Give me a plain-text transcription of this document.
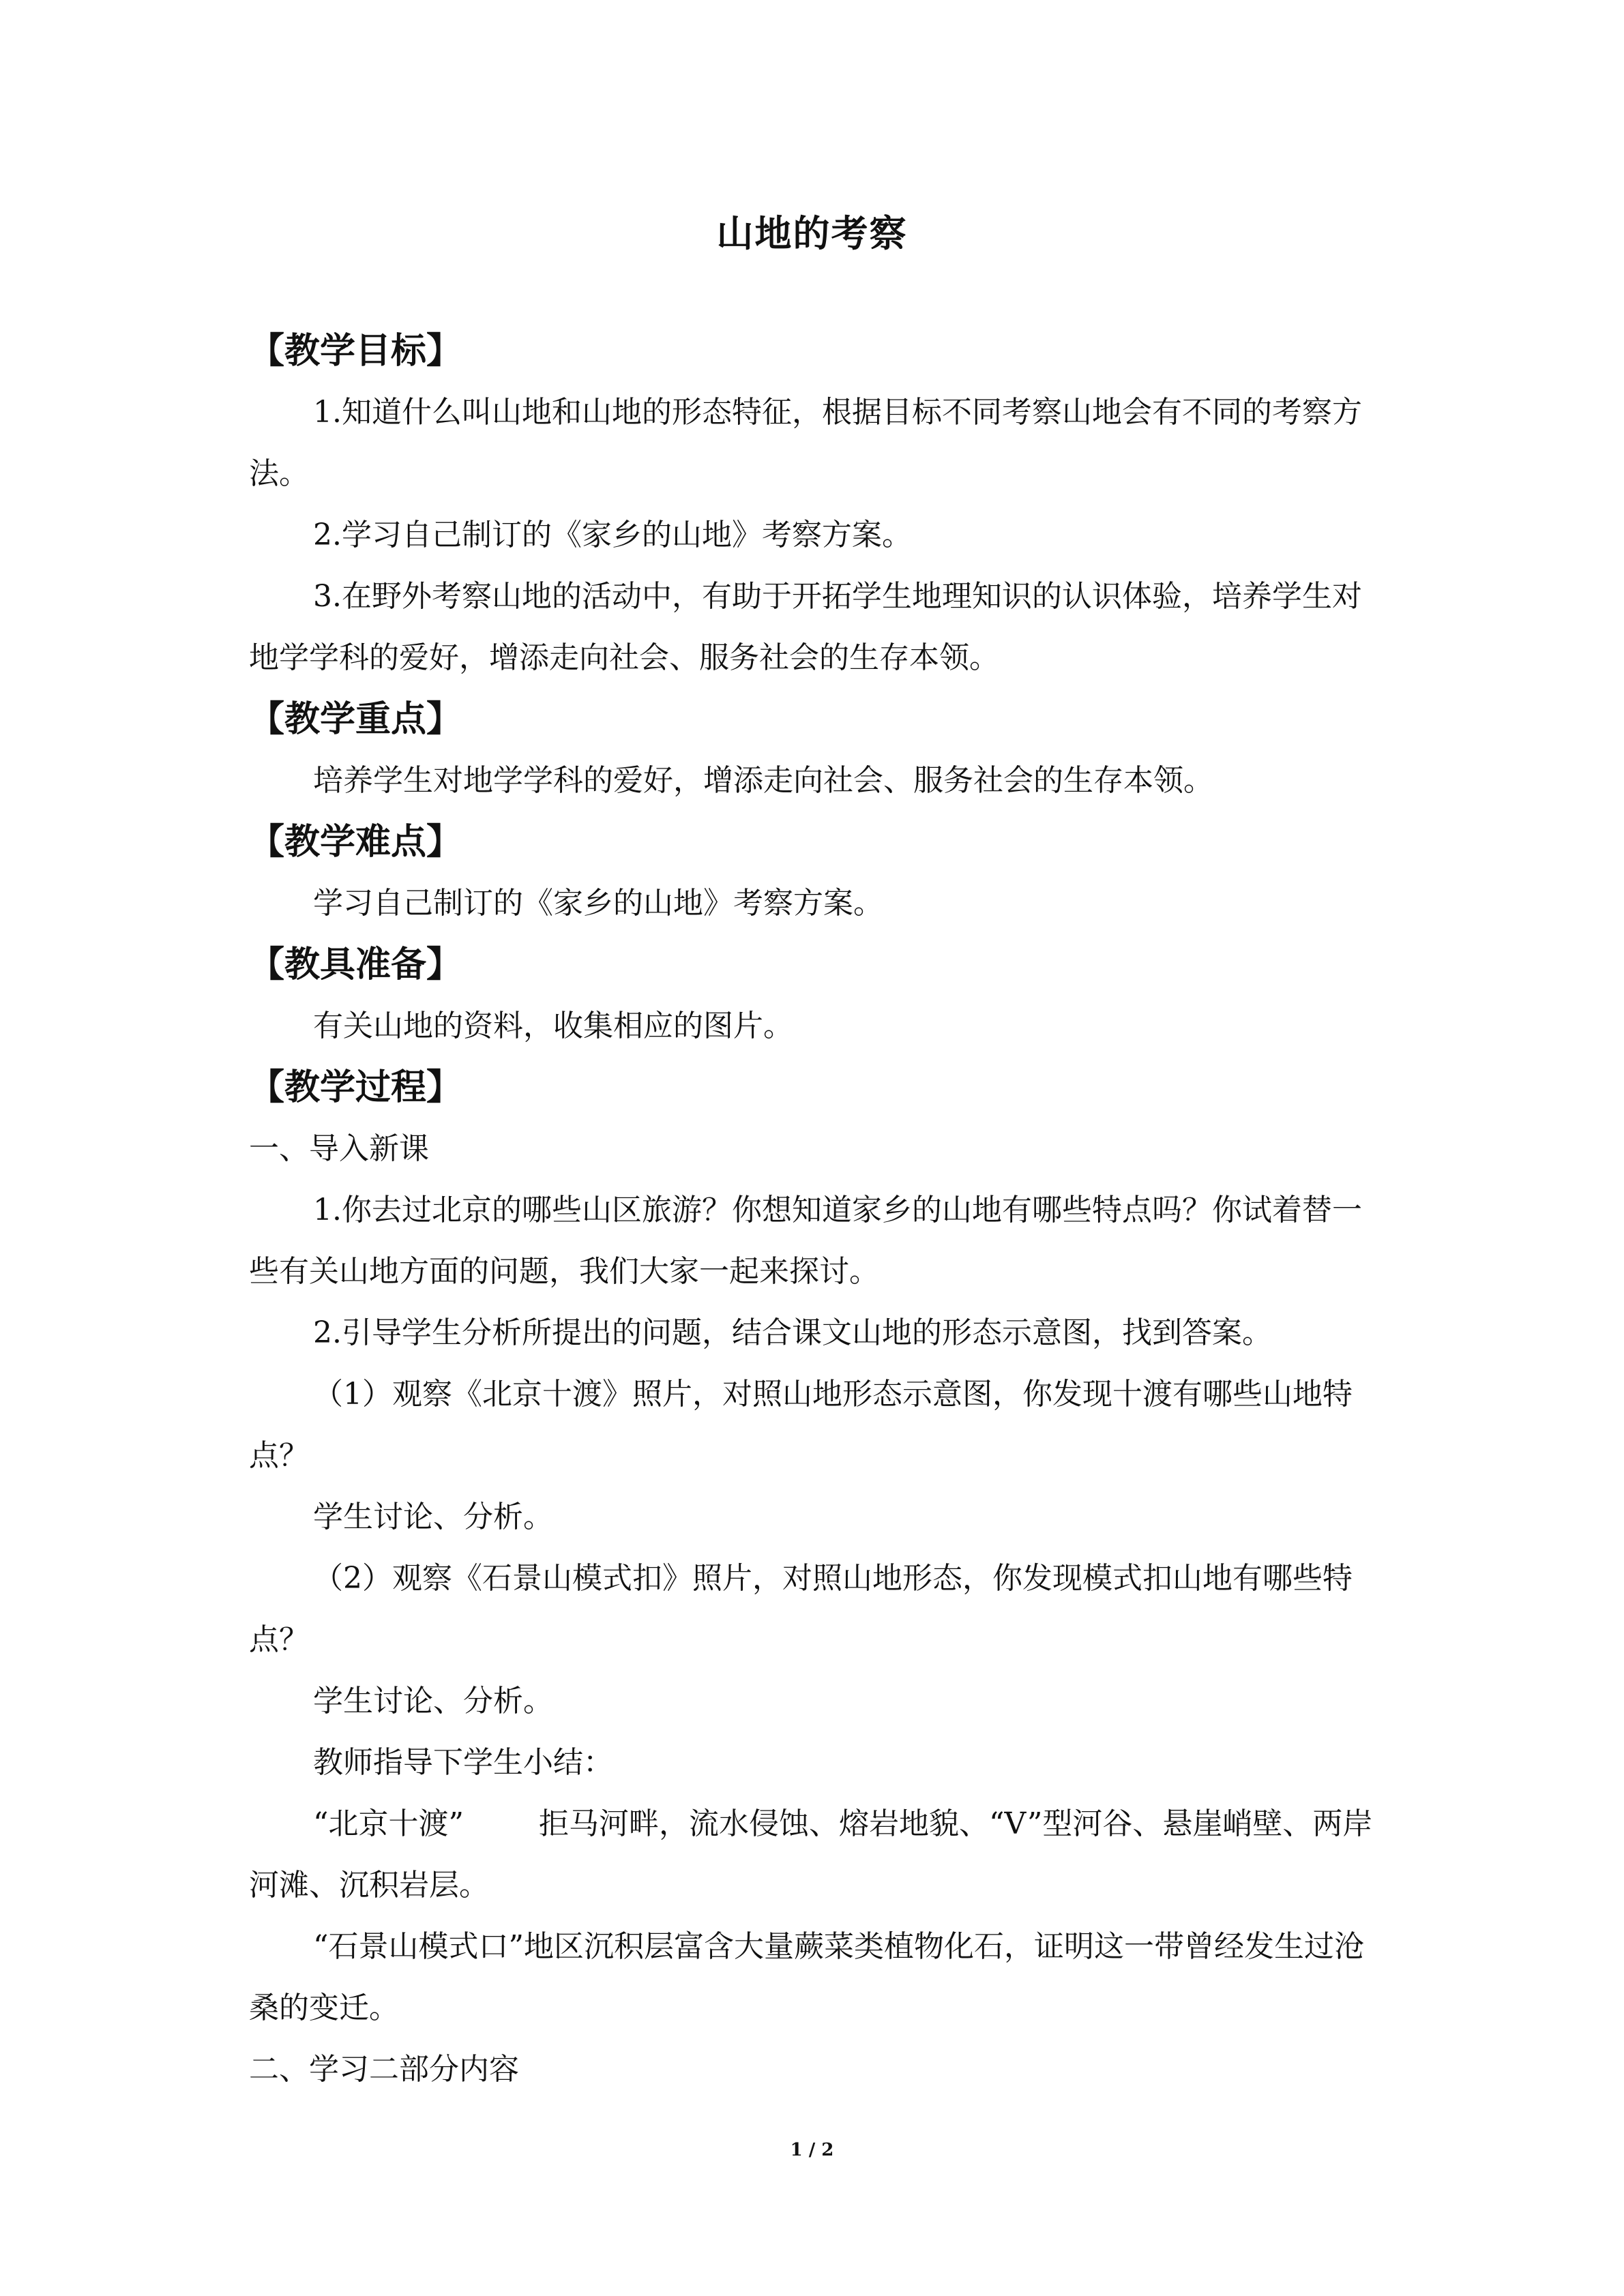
山地的考察
【教学目标】
1.知道什么叫山地和山地的形态特征，根据目标不同考察山地会有不同的考察方法。
2.学习自己制订的《家乡的山地》考察方案。
3.在野外考察山地的活动中，有助于开拓学生地理知识的认识体验，培养学生对地学学科的爱好，增添走向社会、服务社会的生存本领。
【教学重点】
培养学生对地学学科的爱好，增添走向社会、服务社会的生存本领。
【教学难点】
学习自己制订的《家乡的山地》考察方案。
【教具准备】
有关山地的资料，收集相应的图片。
【教学过程】
一、导入新课
1.你去过北京的哪些山区旅游？你想知道家乡的山地有哪些特点吗？你试着替一些有关山地方面的问题，我们大家一起来探讨。
2.引导学生分析所提出的问题，结合课文山地的形态示意图，找到答案。
（1）观察《北京十渡》照片，对照山地形态示意图，你发现十渡有哪些山地特点？
学生讨论、分析。
（2）观察《石景山模式扣》照片，对照山地形态，你发现模式扣山地有哪些特点？
学生讨论、分析。
教师指导下学生小结：
“北京十渡”	拒马河畔，流水侵蚀、熔岩地貌、“V”型河谷、悬崖峭壁、两岸河滩、沉积岩层。
“石景山模式口”地区沉积层富含大量蕨菜类植物化石，证明这一带曾经发生过沧桑的变迁。
二、学习二部分内容
1 / 2
